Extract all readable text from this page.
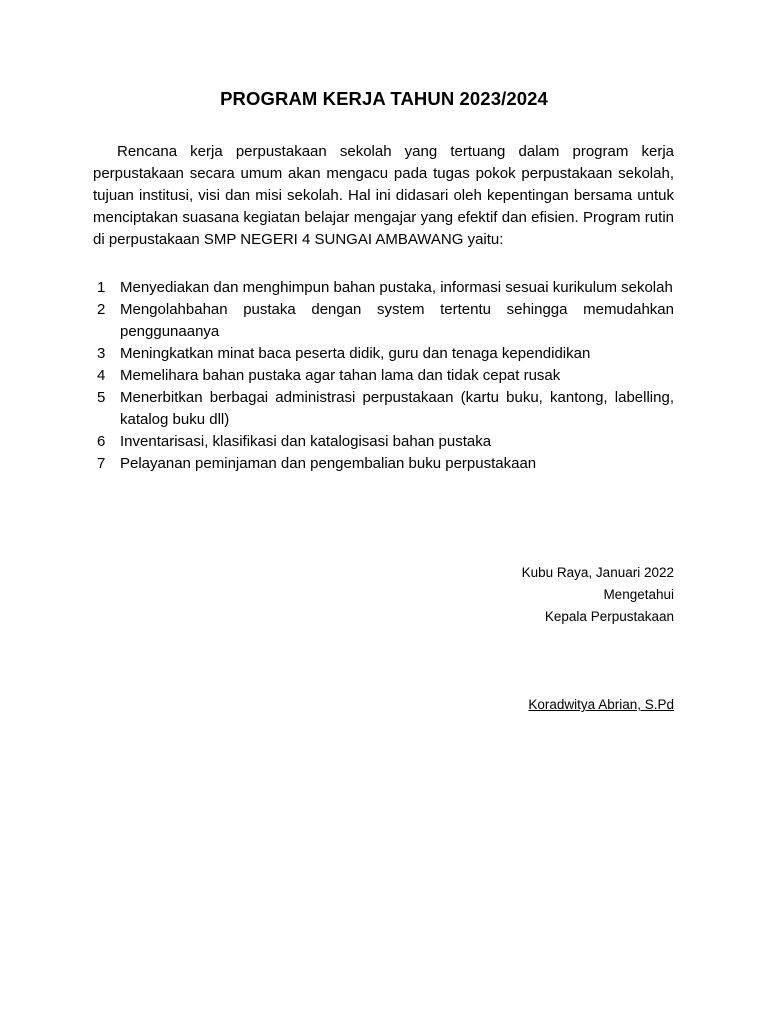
PROGRAM KERJA TAHUN 2023/2024

Rencana kerja perpustakaan sekolah yang tertuang dalam program kerja perpustakaan secara umum akan mengacu pada tugas pokok perpustakaan sekolah, tujuan institusi, visi dan misi sekolah. Hal ini didasari oleh kepentingan bersama untuk menciptakan suasana kegiatan belajar mengajar yang efektif dan efisien. Program rutin di perpustakaan SMP NEGERI 4 SUNGAI AMBAWANG yaitu:

1 Menyediakan dan menghimpun bahan pustaka, informasi sesuai kurikulum sekolah
2 Mengolahbahan pustaka dengan system tertentu sehingga memudahkan penggunaanya
3 Meningkatkan minat baca peserta didik, guru dan tenaga kependidikan
4 Memelihara bahan pustaka agar tahan lama dan tidak cepat rusak
5 Menerbitkan berbagai administrasi perpustakaan (kartu buku, kantong, labelling, katalog buku dll)
6 Inventarisasi, klasifikasi dan katalogisasi bahan pustaka
7 Pelayanan peminjaman dan pengembalian buku perpustakaan
Kubu Raya, Januari 2022
Mengetahui
Kepala Perpustakaan
Koradwitya Abrian, S.Pd
